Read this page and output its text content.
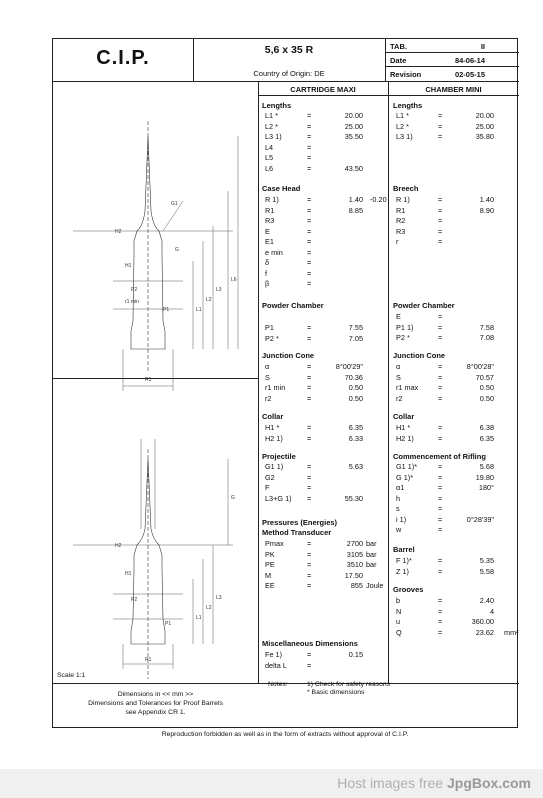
C.I.P.	5,6 x 35 R
Country of Origin: DE
TAB.	II
Date	84-06-14
Revision	02-05-15
CARTRIDGE MAXI	CHAMBER MINI
Lengths
L1 *	=	20.00
L2 *	=	25.00
L3 1)	=	35.50
L4	=
L5	=
L6	=	43.50
Case Head
R 1)	=	1.40 -0.20
R1	=	8.85
R3	=
E	=
E1	=
e min	=
δ	=
f	=
β	=
Powder Chamber
P1	=	7.55
P2 *	=	7.05
Junction Cone
α	=	8°00'29"
S	=	70.36
r1 min	=	0.50
r2	=	0.50
Collar
H1 *	=	6.35
H2 1)	=	6.33
Projectile
G1 1)	=	5.63
G2	=
F	=
L3+G 1) =	55.30
Pressures (Energies)
Method Transducer
Pmax	=	2700 bar
PK	=	3105 bar
PE	=	3510 bar
M	=	17.50
EE	=	855 Joule
Miscellaneous Dimensions
Fe 1)	=	0.15
delta L	=
Lengths
L1 *	=	20.00
L2 *	=	25.00
L3 1)	=	35.80
Breech
R 1)	=	1.40
R1	=	8.90
R2	=
R3	=
r	=
Powder Chamber
E	=
P1 1)	=	7.58
P2 *	=	7.08
Junction Cone
α	=	8°00'28"
S	=	70.57
r1 max	=	0.50
r2	=	0.50
Collar
H1 *	=	6.38
H2 1)	=	6.35
Commencement of Rifling
G1 1)*	=	5.68
G 1)*	=	19.80
α1	=	180°
h	=
s	=
i 1)	=	0°28'39"
w	=
Barrel
F 1)*	=	5.35
Z 1)	=	5.58
Grooves
b	=	2.40
N	=	4
u	=	360.00
Q	=	23.62 mm²
H2
H1
P2
P1
r1 min
G1
G
L1
L2
L3
L6
R1
H2
H1
P2
P1
G
L1
L2
L3
R1
Scale 1:1
Dimensions in << mm >>
Dimensions and Tolerances for Proof Barrels
see Appendix CR 1.
Notes:	1) Check for safety reasons
* Basic dimensions
Reproduction forbidden as well as in the form of extracts without approval of C.I.P.
Host images free JpgBox.com
